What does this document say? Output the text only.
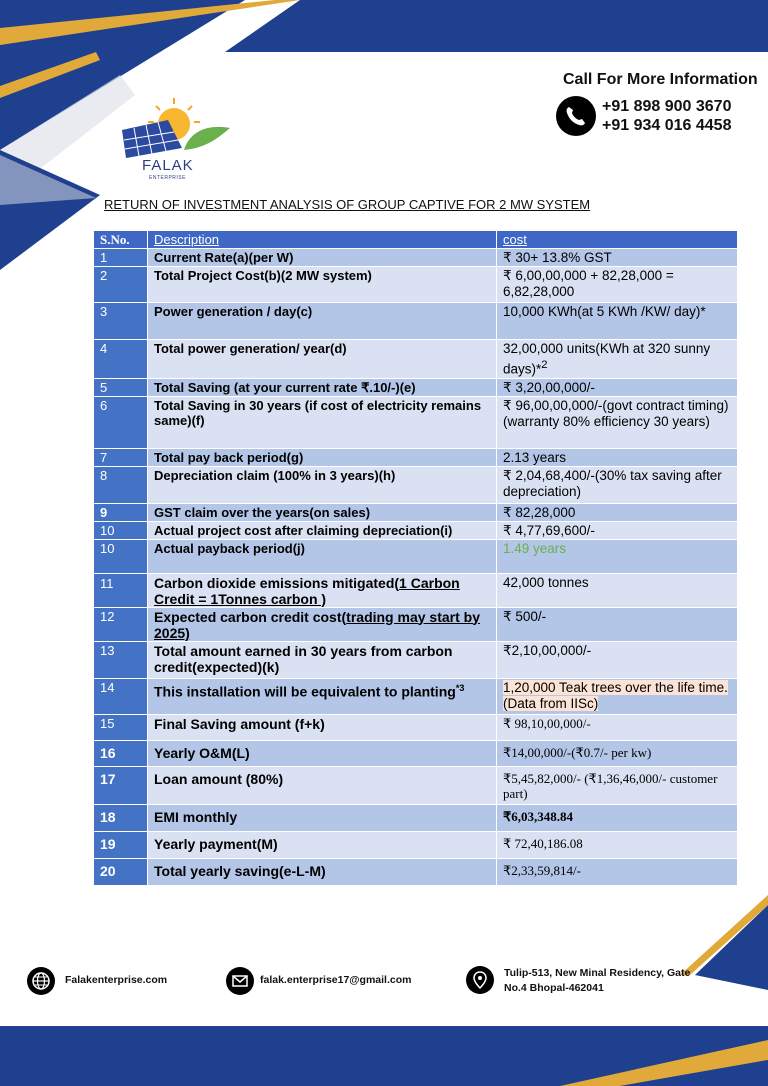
Call For More Information
+91 898 900 3670
+91 934 016 4458
FALAK
ENTERPRISE
RETURN OF INVESTMENT ANALYSIS OF GROUP CAPTIVE FOR 2 MW SYSTEM
S.No.	Description	cost
1	Current Rate(a)(per W)	₹ 30+ 13.8% GST
2	Total Project Cost(b)(2 MW system)	₹ 6,00,00,000 + 82,28,000 = 6,82,28,000
3	Power generation / day(c)	10,000 KWh(at 5 KWh /KW/ day)*
4	Total power generation/ year(d)	32,00,000 units(KWh at 320 sunny days)*$^2$
5	Total Saving (at your current rate ₹.10/-)(e)	₹ 3,20,00,000/-
6	Total Saving in 30 years (if cost of electricity remains same)(f)	₹ 96,00,00,000/-(govt contract timing)(warranty 80% efficiency 30 years)
7	Total pay back period(g)	2.13 years
8	Depreciation claim (100% in 3 years)(h)	₹ 2,04,68,400/-(30% tax saving after depreciation)
9	GST claim over the years(on sales)	₹ 82,28,000
10	Actual project cost after claiming depreciation(i)	₹ 4,77,69,600/-
10	Actual payback period(j)	1.49 years
11	Carbon dioxide emissions mitigated(1 Carbon Credit = 1Tonnes carbon )	42,000 tonnes
12	Expected carbon credit cost(trading may start by 2025)	₹ 500/-
13	Total amount earned in 30 years from carbon credit(expected)(k)	₹2,10,00,000/-
14	This installation will be equivalent to planting$^{*3}$	1,20,000 Teak trees over the life time. (Data from IISc)
15	Final Saving amount (f+k)	₹ 98,10,00,000/-
16	Yearly O&M(L)	₹14,00,000/-(₹0.7/- per kw)
17	Loan amount (80%)	₹5,45,82,000/- (₹1,36,46,000/- customer part)
18	EMI monthly	₹6,03,348.84
19	Yearly payment(M)	₹ 72,40,186.08
20	Total yearly saving(e-L-M)	₹2,33,59,814/-
Falakenterprise.com	falak.enterprise17@gmail.com
Tulip-513, New Minal Residency, Gate
No.4 Bhopal-462041
